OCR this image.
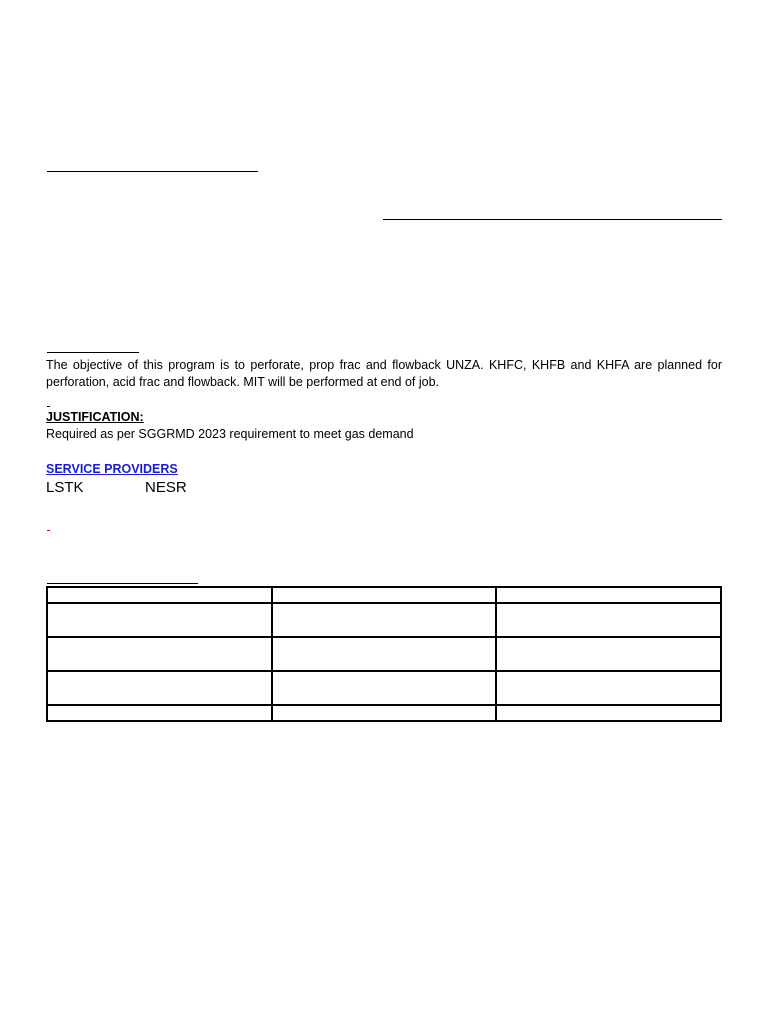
The objective of this program is to perforate, prop frac and flowback UNZA. KHFC, KHFB and KHFA are planned for perforation, acid frac and flowback. MIT will be performed at end of job.
JUSTIFICATION:
Required as per SGGRMD 2023 requirement to meet gas demand
SERVICE PROVIDERS
LSTK	NESR
